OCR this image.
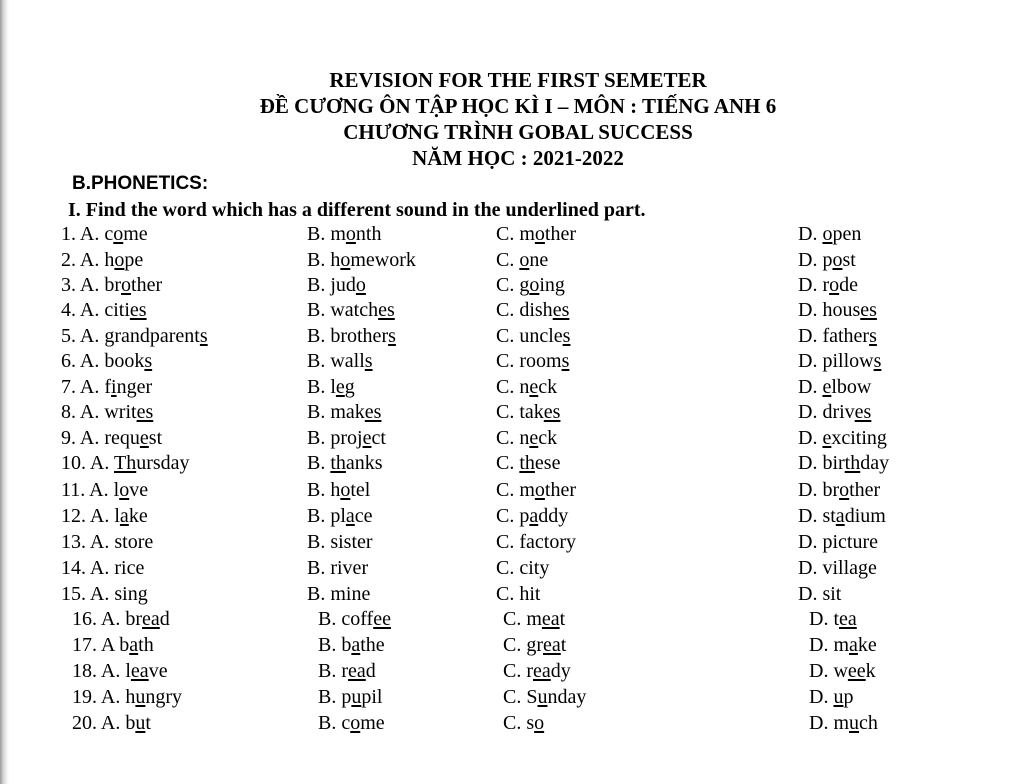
REVISION FOR THE FIRST SEMETER
ĐỀ CƯƠNG ÔN TẬP HỌC KÌ I – MÔN : TIẾNG ANH 6
CHƯƠNG TRÌNH GOBAL SUCCESS
NĂM HỌC : 2021-2022
B.PHONETICS:
I. Find the word which has a different sound in the underlined part.
1. A. come	B. month	C. mother	D. open
2. A. hope	B. homework	C. one	D. post
3. A. brother	B. judo	C. going	D. rode
4. A. cities	B. watches	C. dishes	D. houses
5. A. grandparents	B. brothers	C. uncles	D. fathers
6. A. books	B. walls	C. rooms	D. pillows
7. A. finger	B. leg	C. neck	D. elbow
8. A. writes	B. makes	C. takes	D. drives
9. A. request	B. project	C. neck	D. exciting
10. A. Thursday	B. thanks	C. these	D. birthday
11. A. love	B. hotel	C. mother	D. brother
12. A. lake	B. place	C. paddy	D. stadium
13. A. store	B. sister	C. factory	D. picture
14. A. rice	B. river	C. city	D. village
15. A. sing	B. mine	C. hit	D. sit
16. A. bread	B. coffee	C. meat	D. tea
17. A bath	B. bathe	C. great	D. make
18. A. leave	B. read	C. ready	D. week
19. A. hungry	B. pupil	C. Sunday	D. up
20. A. but	B. come	C. so	D. much
